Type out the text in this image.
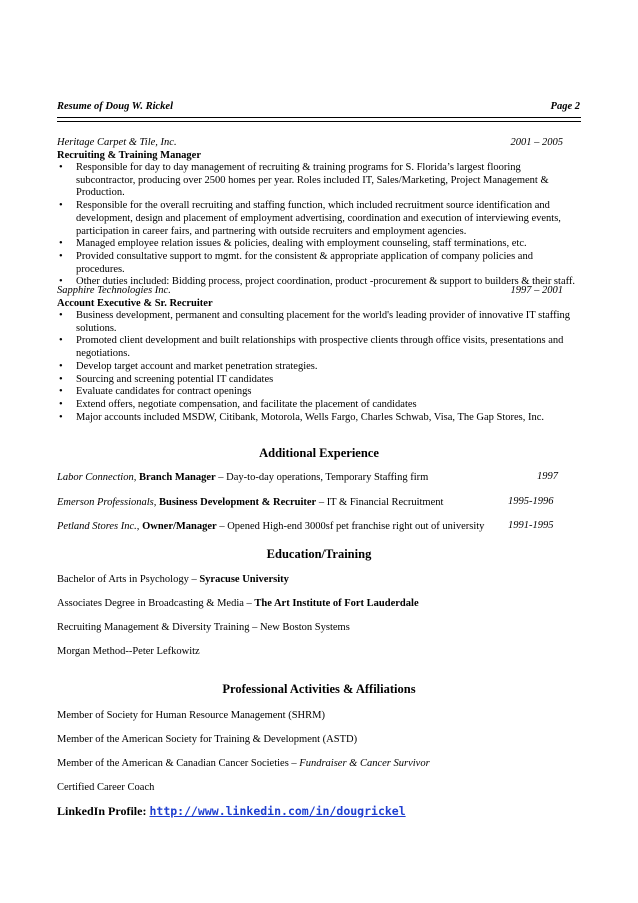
Resume of Doug W. Rickel	Page 2
Heritage Carpet & Tile, Inc.	2001 – 2005
Recruiting & Training Manager
• Responsible for day to day management of recruiting & training programs for S. Florida’s largest flooring subcontractor, producing over 2500 homes per year. Roles included IT, Sales/Marketing, Project Management & Production.
• Responsible for the overall recruiting and staffing function, which included recruitment source identification and development, design and placement of employment advertising, coordination and execution of interviewing events, participation in career fairs, and partnering with outside recruiters and employment agencies.
• Managed employee relation issues & policies, dealing with employment counseling, staff terminations, etc.
• Provided consultative support to mgmt. for the consistent & appropriate application of company policies and procedures.
• Other duties included: Bidding process, project coordination, product -procurement & support to builders & their staff.
Sapphire Technologies Inc.	1997 – 2001
Account Executive & Sr. Recruiter
• Business development, permanent and consulting placement for the world's leading provider of innovative IT staffing solutions.
• Promoted client development and built relationships with prospective clients through office visits, presentations and negotiations.
• Develop target account and market penetration strategies.
• Sourcing and screening potential IT candidates
• Evaluate candidates for contract openings
• Extend offers, negotiate compensation, and facilitate the placement of candidates
• Major accounts included MSDW, Citibank, Motorola, Wells Fargo, Charles Schwab, Visa, The Gap Stores, Inc.
Additional Experience
Labor Connection, Branch Manager – Day-to-day operations, Temporary Staffing firm	1997
Emerson Professionals, Business Development & Recruiter – IT & Financial Recruitment	1995-1996
Petland Stores Inc., Owner/Manager – Opened High-end 3000sf pet franchise right out of university	1991-1995
Education/Training
Bachelor of Arts in Psychology – Syracuse University
Associates Degree in Broadcasting & Media – The Art Institute of Fort Lauderdale
Recruiting Management & Diversity Training – New Boston Systems
Morgan Method--Peter Lefkowitz
Professional Activities & Affiliations
Member of Society for Human Resource Management (SHRM)
Member of the American Society for Training & Development (ASTD)
Member of the American & Canadian Cancer Societies – Fundraiser & Cancer Survivor
Certified Career Coach
LinkedIn Profile: http://www.linkedin.com/in/dougrickel
